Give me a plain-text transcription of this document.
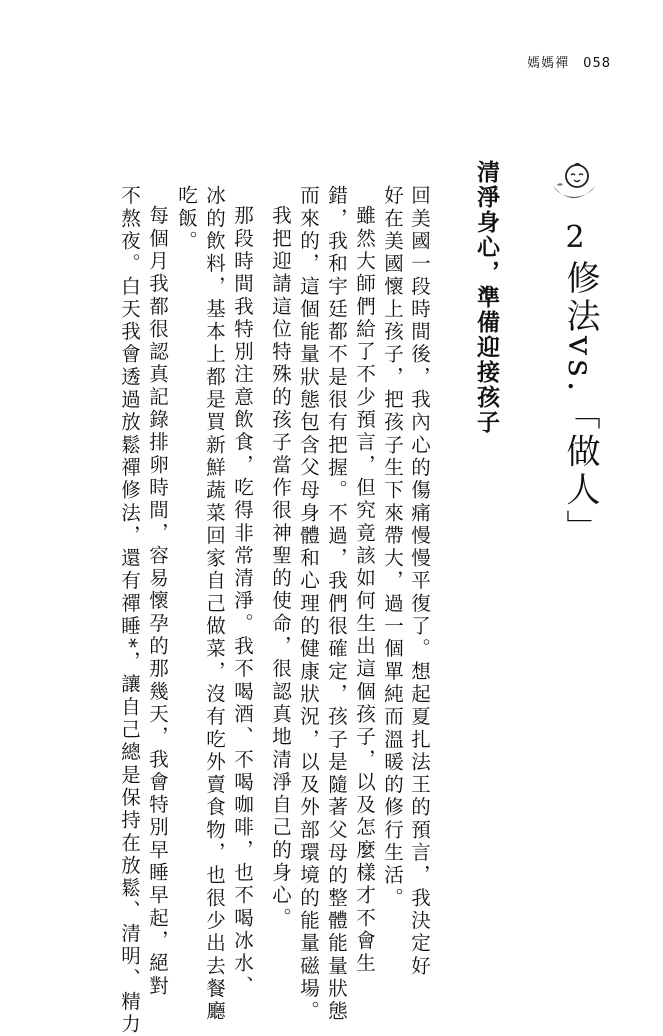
媽媽禪 058
2
修法vs.「做人」
清淨身心，準備迎接孩子
回美國一段時間後，我內心的傷痛慢慢平復了。想起夏扎法王的預言，我決定好
好在美國懷上孩子，把孩子生下來帶大，過一個單純而溫暖的修行生活。
雖然大師們給了不少預言，但究竟該如何生出這個孩子，以及怎麼樣才不會生
錯，我和宇廷都不是很有把握。不過，我們很確定，孩子是隨著父母的整體能量狀態
而來的，這個能量狀態包含父母身體和心理的健康狀況，以及外部環境的能量磁場。
我把迎請這位特殊的孩子當作很神聖的使命，很認真地清淨自己的身心。
那段時間我特別注意飲食，吃得非常清淨。我不喝酒、不喝咖啡，也不喝冰水、
冰的飲料，基本上都是買新鮮蔬菜回家自己做菜，沒有吃外賣食物，也很少出去餐廳
吃飯。
每個月我都很認真記錄排卵時間，容易懷孕的那幾天，我會特別早睡早起，絕對
不熬夜。白天我會透過放鬆禪修法，還有禪睡*，讓自己總是保持在放鬆、清明、精力
